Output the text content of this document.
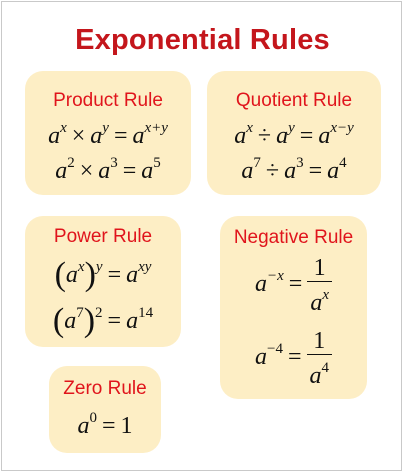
Exponential Rules
Product Rule
$a^x \times a^y = a^{x+y}$
$a^2 \times a^3 = a^5$
Quotient Rule
$a^x \div a^y = a^{x-y}$
$a^7 \div a^3 = a^4$
Power Rule
$(a^x)^y = a^{xy}$
$(a^7)^2 = a^{14}$
Negative Rule
$a^{-x} = \frac{1}{a^x}$
$a^{-4} = \frac{1}{a^4}$
Zero Rule
$a^0 = 1$
